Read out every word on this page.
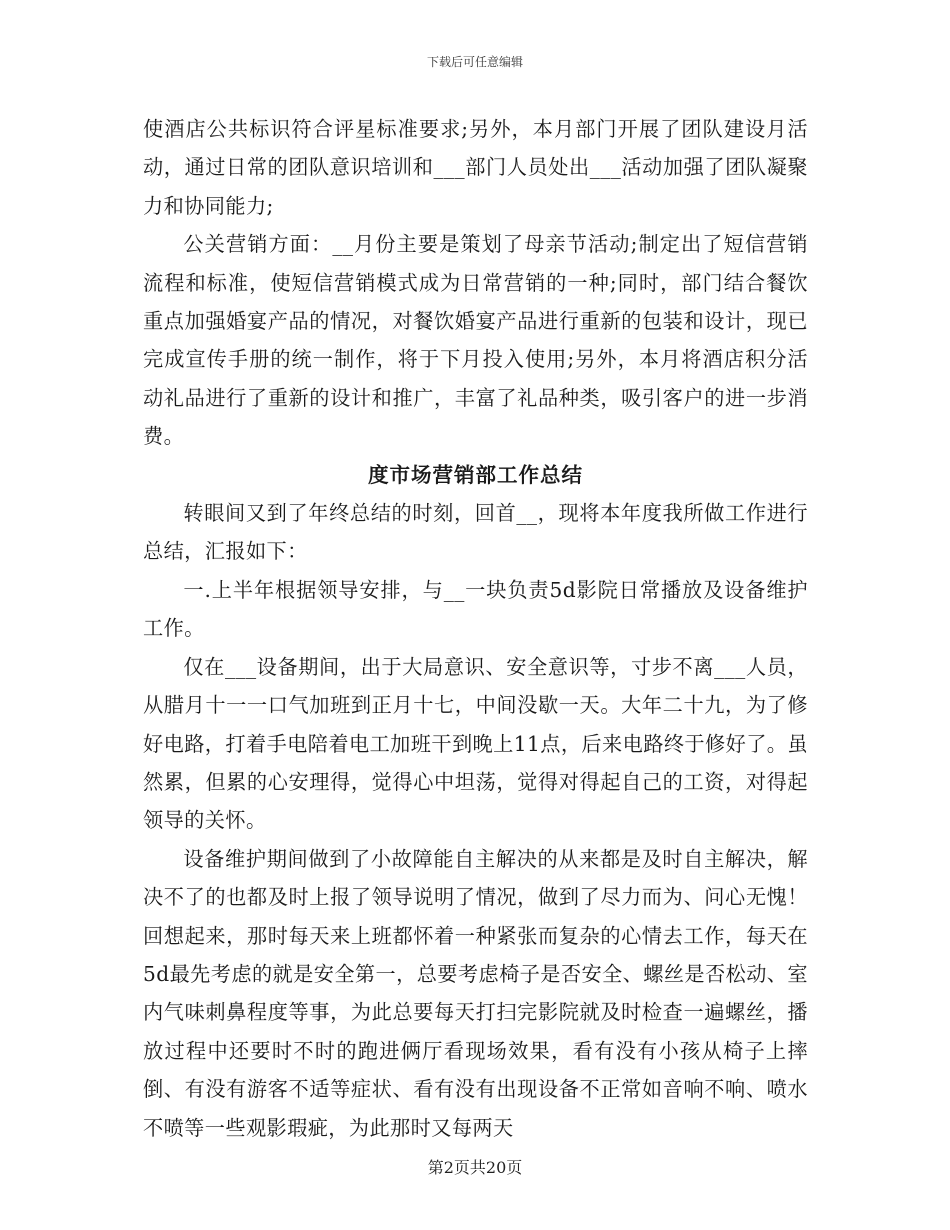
下载后可任意编辑

使酒店公共标识符合评星标准要求;另外，本月部门开展了团队建设月活动，通过日常的团队意识培训和___部门人员处出___活动加强了团队凝聚力和协同能力;

公关营销方面：__月份主要是策划了母亲节活动;制定出了短信营销流程和标准，使短信营销模式成为日常营销的一种;同时，部门结合餐饮重点加强婚宴产品的情况，对餐饮婚宴产品进行重新的包装和设计，现已完成宣传手册的统一制作，将于下月投入使用;另外，本月将酒店积分活动礼品进行了重新的设计和推广，丰富了礼品种类，吸引客户的进一步消费。

度市场营销部工作总结

转眼间又到了年终总结的时刻，回首__，现将本年度我所做工作进行总结，汇报如下：

一.上半年根据领导安排，与__一块负责5d影院日常播放及设备维护工作。

仅在___设备期间，出于大局意识、安全意识等，寸步不离___人员，从腊月十一一口气加班到正月十七，中间没歇一天。大年二十九，为了修好电路，打着手电陪着电工加班干到晚上11点，后来电路终于修好了。虽然累，但累的心安理得，觉得心中坦荡，觉得对得起自己的工资，对得起领导的关怀。

设备维护期间做到了小故障能自主解决的从来都是及时自主解决，解决不了的也都及时上报了领导说明了情况，做到了尽力而为、问心无愧！回想起来，那时每天来上班都怀着一种紧张而复杂的心情去工作，每天在5d最先考虑的就是安全第一，总要考虑椅子是否安全、螺丝是否松动、室内气味刺鼻程度等事，为此总要每天打扫完影院就及时检查一遍螺丝，播放过程中还要时不时的跑进俩厅看现场效果，看有没有小孩从椅子上摔倒、有没有游客不适等症状、看有没有出现设备不正常如音响不响、喷水不喷等一些观影瑕疵，为此那时又每两天

第2页共20页
